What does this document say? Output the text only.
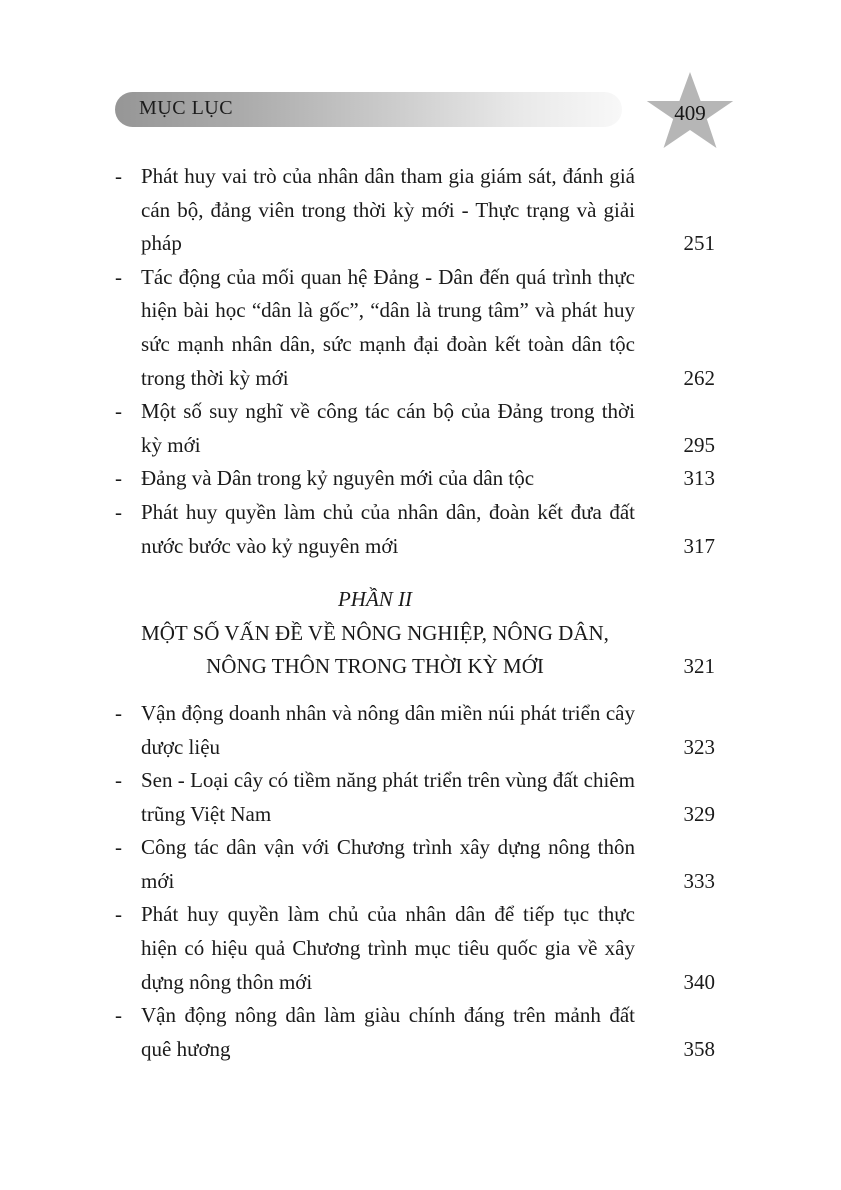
MỤC LỤC	409
- Phát huy vai trò của nhân dân tham gia giám sát, đánh giá cán bộ, đảng viên trong thời kỳ mới - Thực trạng và giải pháp	251
- Tác động của mối quan hệ Đảng - Dân đến quá trình thực hiện bài học “dân là gốc”, “dân là trung tâm” và phát huy sức mạnh nhân dân, sức mạnh đại đoàn kết toàn dân tộc trong thời kỳ mới	262
- Một số suy nghĩ về công tác cán bộ của Đảng trong thời kỳ mới	295
- Đảng và Dân trong kỷ nguyên mới của dân tộc	313
- Phát huy quyền làm chủ của nhân dân, đoàn kết đưa đất nước bước vào kỷ nguyên mới	317
PHẦN II
MỘT SỐ VẤN ĐỀ VỀ NÔNG NGHIỆP, NÔNG DÂN,
NÔNG THÔN TRONG THỜI KỲ MỚI	321
- Vận động doanh nhân và nông dân miền núi phát triển cây dược liệu	323
- Sen - Loại cây có tiềm năng phát triển trên vùng đất chiêm trũng Việt Nam	329
- Công tác dân vận với Chương trình xây dựng nông thôn mới	333
- Phát huy quyền làm chủ của nhân dân để tiếp tục thực hiện có hiệu quả Chương trình mục tiêu quốc gia về xây dựng nông thôn mới	340
- Vận động nông dân làm giàu chính đáng trên mảnh đất quê hương	358
